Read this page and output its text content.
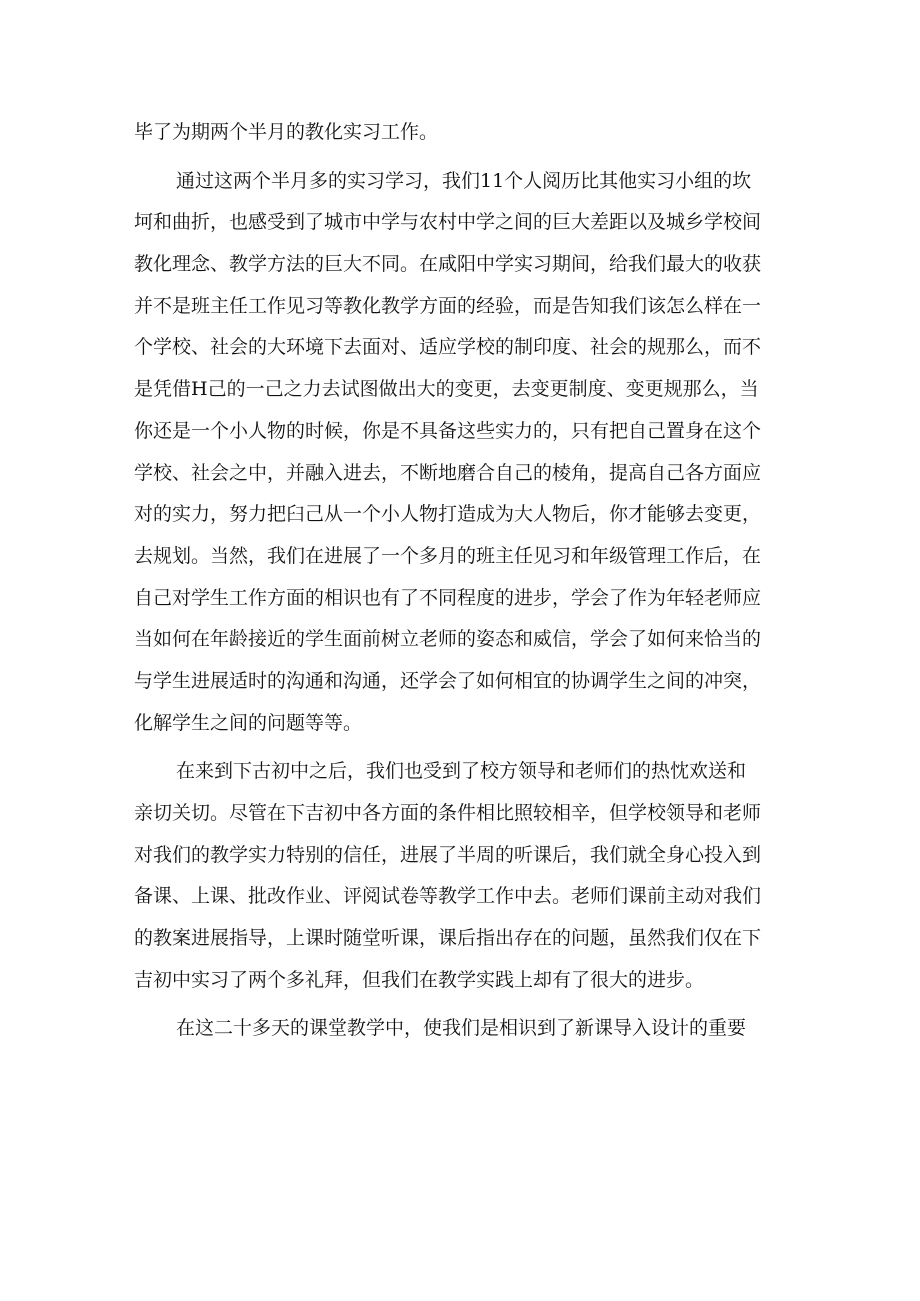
毕了为期两个半月的教化实习工作。
通过这两个半月多的实习学习，我们11个人阅历比其他实习小组的坎
坷和曲折，也感受到了城市中学与农村中学之间的巨大差距以及城乡学校间
教化理念、教学方法的巨大不同。在咸阳中学实习期间，给我们最大的收获
并不是班主任工作见习等教化教学方面的经验，而是告知我们该怎么样在一
个学校、社会的大环境下去面对、适应学校的制印度、社会的规那么，而不
是凭借H己的一己之力去试图做出大的变更，去变更制度、变更规那么，当
你还是一个小人物的时候，你是不具备这些实力的，只有把自己置身在这个
学校、社会之中，并融入进去，不断地磨合自己的棱角，提高自己各方面应
对的实力，努力把臼己从一个小人物打造成为大人物后，你才能够去变更，
去规划。当然，我们在进展了一个多月的班主任见习和年级管理工作后，在
自己对学生工作方面的相识也有了不同程度的进步，学会了作为年轻老师应
当如何在年龄接近的学生面前树立老师的姿态和威信，学会了如何来恰当的
与学生进展适时的沟通和沟通，还学会了如何相宜的协调学生之间的冲突，
化解学生之间的问题等等。
在来到下古初中之后，我们也受到了校方领导和老师们的热忱欢送和
亲切关切。尽管在下吉初中各方面的条件相比照较相辛，但学校领导和老师
对我们的教学实力特别的信任，进展了半周的听课后，我们就全身心投入到
备课、上课、批改作业、评阅试卷等教学工作中去。老师们课前主动对我们
的教案进展指导，上课时随堂听课，课后指出存在的问题，虽然我们仅在下
吉初中实习了两个多礼拜，但我们在教学实践上却有了很大的进步。
在这二十多天的课堂教学中，使我们是相识到了新课导入设计的重要
